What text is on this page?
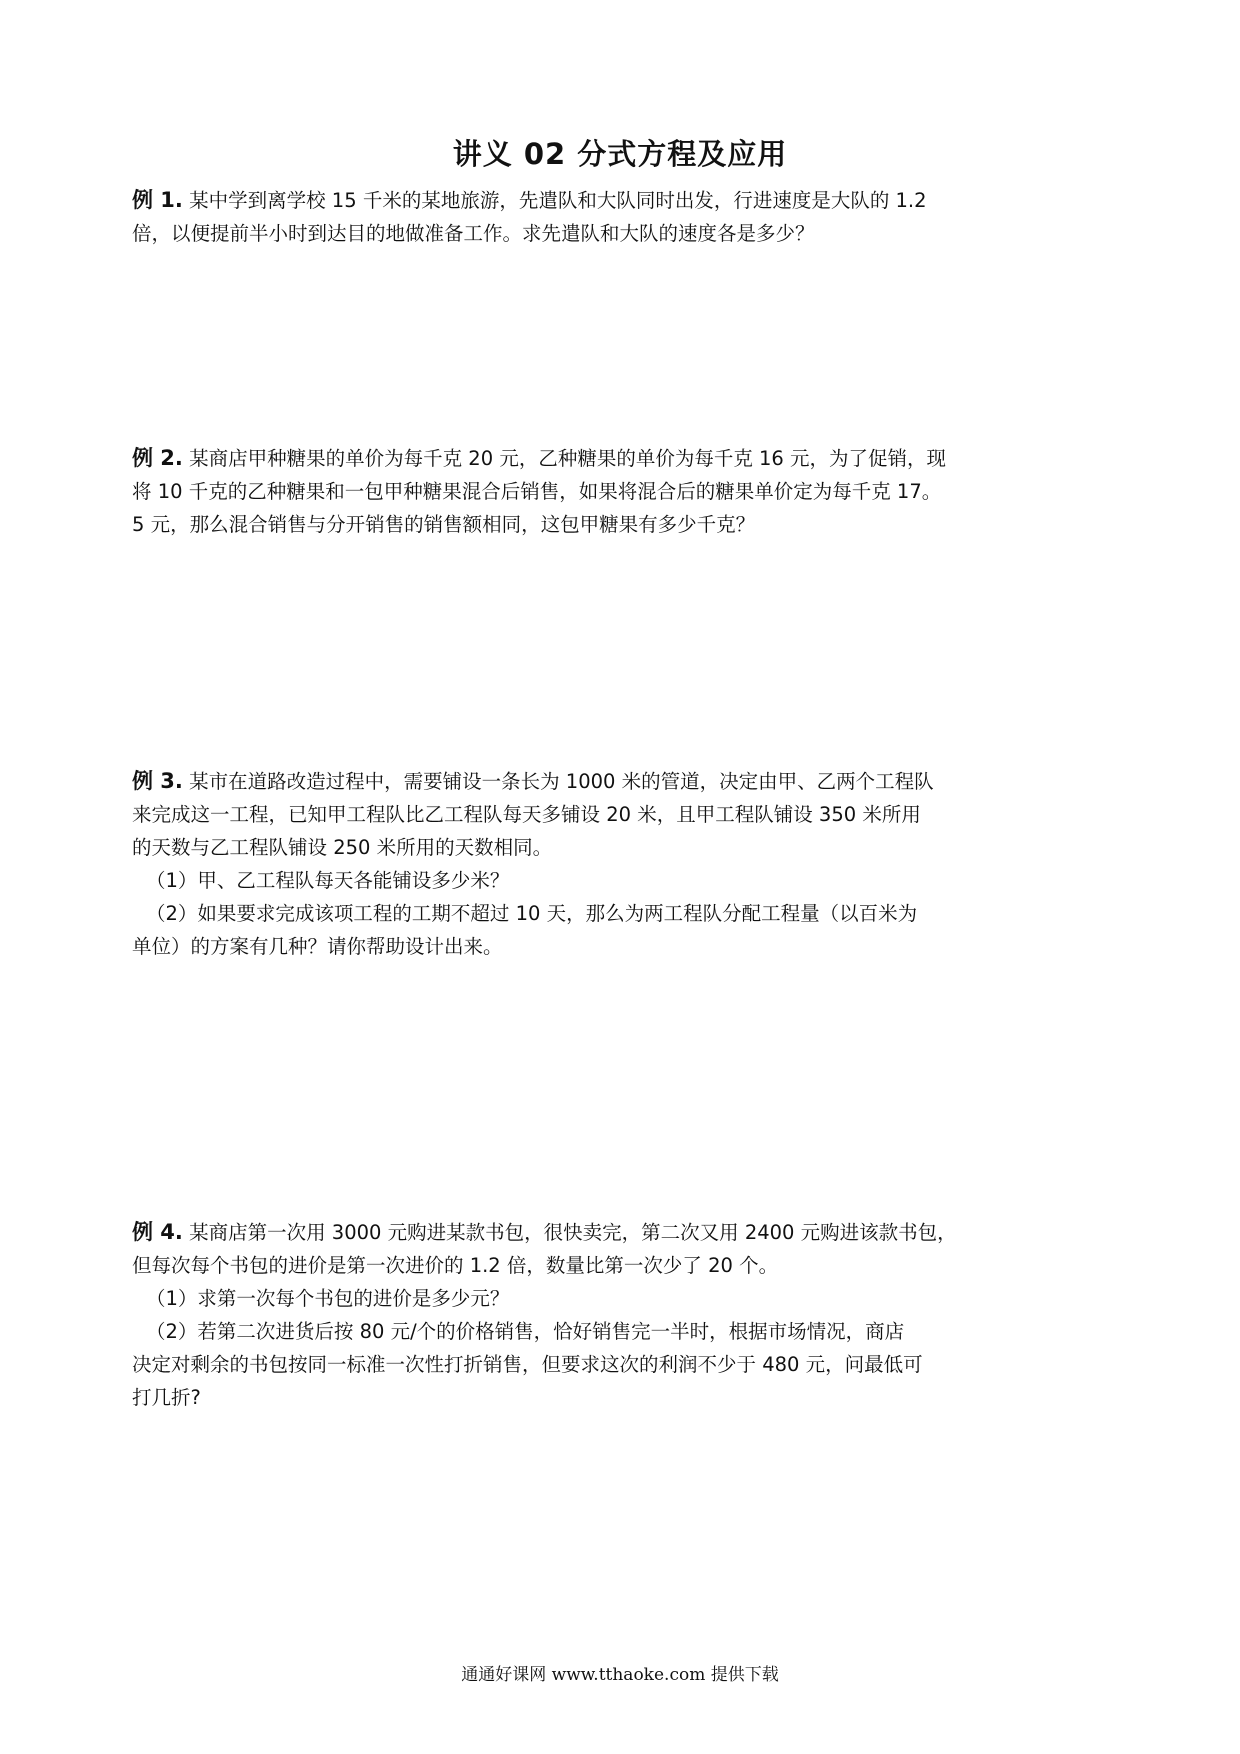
讲义 02 分式方程及应用
例 1. 某中学到离学校 15 千米的某地旅游，先遣队和大队同时出发，行进速度是大队的 1.2
倍，以便提前半小时到达目的地做准备工作。求先遣队和大队的速度各是多少？
例 2. 某商店甲种糖果的单价为每千克 20 元，乙种糖果的单价为每千克 16 元，为了促销，现
将 10 千克的乙种糖果和一包甲种糖果混合后销售，如果将混合后的糖果单价定为每千克 17。
5 元，那么混合销售与分开销售的销售额相同，这包甲糖果有多少千克？
例 3. 某市在道路改造过程中，需要铺设一条长为 1000 米的管道，决定由甲、乙两个工程队
来完成这一工程，已知甲工程队比乙工程队每天多铺设 20 米，且甲工程队铺设 350 米所用
的天数与乙工程队铺设 250 米所用的天数相同。
（1）甲、乙工程队每天各能铺设多少米？
（2）如果要求完成该项工程的工期不超过 10 天，那么为两工程队分配工程量（以百米为
单位）的方案有几种？请你帮助设计出来。
例 4. 某商店第一次用 3000 元购进某款书包，很快卖完，第二次又用 2400 元购进该款书包，
但每次每个书包的进价是第一次进价的 1.2 倍，数量比第一次少了 20 个。
（1）求第一次每个书包的进价是多少元？
（2）若第二次进货后按 80 元/个的价格销售，恰好销售完一半时，根据市场情况，商店
决定对剩余的书包按同一标准一次性打折销售，但要求这次的利润不少于 480 元，问最低可
打几折?
通通好课网 www.tthaoke.com 提供下载
